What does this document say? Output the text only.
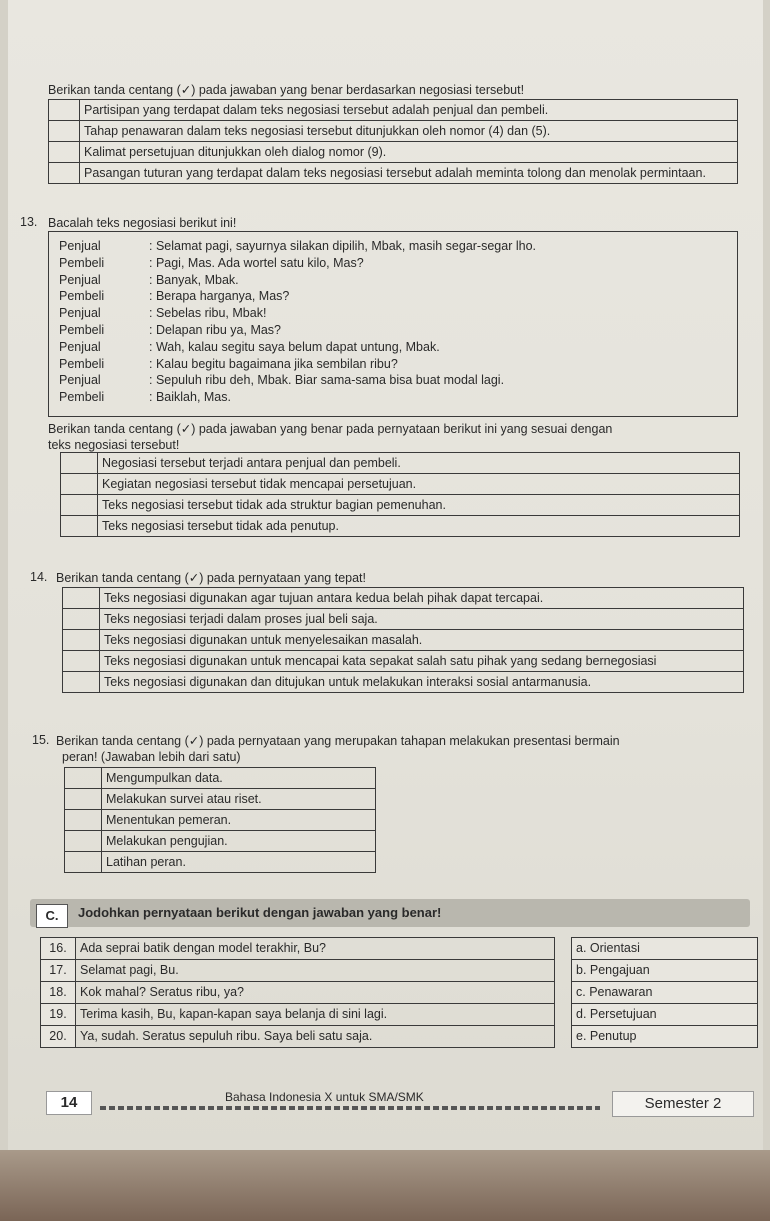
Berikan tanda centang (✓) pada jawaban yang benar berdasarkan negosiasi tersebut!
	Partisipan yang terdapat dalam teks negosiasi tersebut adalah penjual dan pembeli.
	Tahap penawaran dalam teks negosiasi tersebut ditunjukkan oleh nomor (4) dan (5).
	Kalimat persetujuan ditunjukkan oleh dialog nomor (9).
	Pasangan tuturan yang terdapat dalam teks negosiasi tersebut adalah meminta tolong dan menolak permintaan.
13. Bacalah teks negosiasi berikut ini!
Penjual	: Selamat pagi, sayurnya silakan dipilih, Mbak, masih segar-segar lho.
Pembeli	: Pagi, Mas. Ada wortel satu kilo, Mas?
Penjual	: Banyak, Mbak.
Pembeli	: Berapa harganya, Mas?
Penjual	: Sebelas ribu, Mbak!
Pembeli	: Delapan ribu ya, Mas?
Penjual	: Wah, kalau segitu saya belum dapat untung, Mbak.
Pembeli	: Kalau begitu bagaimana jika sembilan ribu?
Penjual	: Sepuluh ribu deh, Mbak. Biar sama-sama bisa buat modal lagi.
Pembeli	: Baiklah, Mas.
Berikan tanda centang (✓) pada jawaban yang benar pada pernyataan berikut ini yang sesuai dengan
teks negosiasi tersebut!
	Negosiasi tersebut terjadi antara penjual dan pembeli.
	Kegiatan negosiasi tersebut tidak mencapai persetujuan.
	Teks negosiasi tersebut tidak ada struktur bagian pemenuhan.
	Teks negosiasi tersebut tidak ada penutup.
14. Berikan tanda centang (✓) pada pernyataan yang tepat!
	Teks negosiasi digunakan agar tujuan antara kedua belah pihak dapat tercapai.
	Teks negosiasi terjadi dalam proses jual beli saja.
	Teks negosiasi digunakan untuk menyelesaikan masalah.
	Teks negosiasi digunakan untuk mencapai kata sepakat salah satu pihak yang sedang bernegosiasi
	Teks negosiasi digunakan dan ditujukan untuk melakukan interaksi sosial antarmanusia.
15. Berikan tanda centang (✓) pada pernyataan yang merupakan tahapan melakukan presentasi bermain
peran! (Jawaban lebih dari satu)
	Mengumpulkan data.
	Melakukan survei atau riset.
	Menentukan pemeran.
	Melakukan pengujian.
	Latihan peran.
C.	Jodohkan pernyataan berikut dengan jawaban yang benar!
16.	Ada seprai batik dengan model terakhir, Bu?		a. Orientasi
17.	Selamat pagi, Bu.		b. Pengajuan
18.	Kok mahal? Seratus ribu, ya?		c. Penawaran
19.	Terima kasih, Bu, kapan-kapan saya belanja di sini lagi.		d. Persetujuan
20.	Ya, sudah. Seratus sepuluh ribu. Saya beli satu saja.		e. Penutup
14	Bahasa Indonesia X untuk SMA/SMK	Semester 2
